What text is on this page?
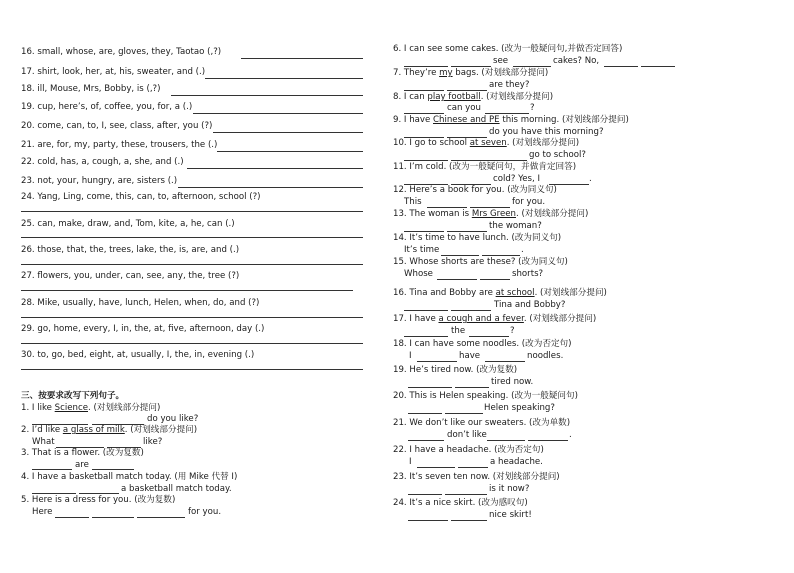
16. small, whose, are, gloves, they, Taotao (,?)
17. shirt, look, her, at, his, sweater, and (.)
18. ill, Mouse, Mrs, Bobby, is (,?)
19. cup, here’s, of, coffee, you, for, a (.)
20. come, can, to, I, see, class, after, you (?)
21. are, for, my, party, these, trousers, the (.)
22. cold, has, a, cough, a, she, and (.)
23. not, your, hungry, are, sisters (.)
24. Yang, Ling, come, this, can, to, afternoon, school (?)
25. can, make, draw, and, Tom, kite, a, he, can (.)
26. those, that, the, trees, lake, the, is, are, and (.)
27. flowers, you, under, can, see, any, the, tree (?)
28. Mike, usually, have, lunch, Helen, when, do, and (?)
29. go, home, every, I, in, the, at, five, afternoon, day (.)
30. to, go, bed, eight, at, usually, I, the, in, evening (.)
三、按要求改写下列句子。
1. I like Science. (对划线部分提问)
do you like?
2. I’d like a glass of milk. (对划线部分提问)
What	like?
3. That is a flower. (改为复数)
are
4. I have a basketball match today. (用 Mike 代替 I)
a basketball match today.
5. Here is a dress for you. (改为复数)
Here	for you.
6. I can see some cakes. (改为一般疑问句,并做否定回答)
see	cakes? No,
7. They’re my bags. (对划线部分提问)
are they?
8. I can play football. (对划线部分提问)
can you	?
9. I have Chinese and PE this morning. (对划线部分提问)
do you have this morning?
10. I go to school at seven. (对划线部分提问)
go to school?
11. I’m cold. (改为一般疑问句，并做肯定回答)
cold? Yes, I	.
12. Here’s a book for you. (改为同义句)
This	for you.
13. The woman is Mrs Green. (对划线部分提问)
the woman?
14. It’s time to have lunch. (改为同义句)
It’s time	.
15. Whose shorts are these? (改为同义句)
Whose	shorts?
16. Tina and Bobby are at school. (对划线部分提问)
Tina and Bobby?
17. I have a cough and a fever. (对划线部分提问)
the	?
18. I can have some noodles. (改为否定句)
I	have	noodles.
19. He’s tired now. (改为复数)
tired now.
20. This is Helen speaking. (改为一般疑问句)
Helen speaking?
21. We don’t like our sweaters. (改为单数)
don’t like	.
22. I have a headache. (改为否定句)
I	a headache.
23. It’s seven ten now. (对划线部分提问)
is it now?
24. It’s a nice skirt. (改为感叹句)
nice skirt!
